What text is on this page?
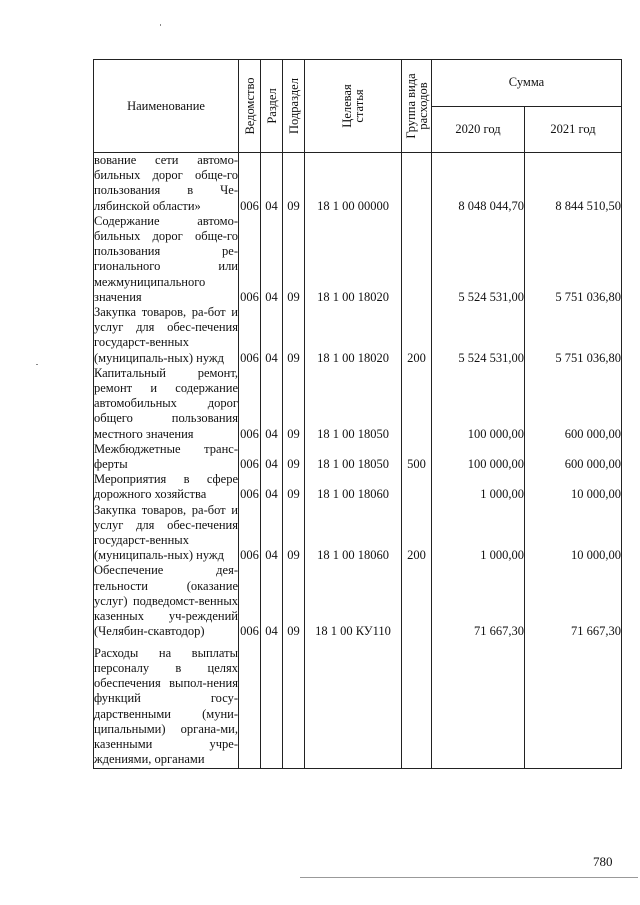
Наименование	Ведомство	Раздел	Подраздел	Целевая
статья	Группа вида
расходов	Сумма	
						2020 год	2021 год
вование сети автомо-бильных дорог обще-го пользования в Че-лябинской области»	006	04	09	18 1 00 00000		8 048 044,70	8 844 510,50
Содержание автомо-бильных дорог обще-го пользования ре-гионального или межмуниципального значения	006	04	09	18 1 00 18020		5 524 531,00	5 751 036,80
Закупка товаров, ра-бот и услуг для обес-печения государст-венных (муниципаль-ных) нужд	006	04	09	18 1 00 18020	200	5 524 531,00	5 751 036,80
Капитальный ремонт, ремонт и содержание автомобильных дорог общего пользования местного значения	006	04	09	18 1 00 18050		100 000,00	600 000,00
Межбюджетные транс-ферты	006	04	09	18 1 00 18050	500	100 000,00	600 000,00
Мероприятия в сфере дорожного хозяйства	006	04	09	18 1 00 18060		1 000,00	10 000,00
Закупка товаров, ра-бот и услуг для обес-печения государст-венных (муниципаль-ных) нужд	006	04	09	18 1 00 18060	200	1 000,00	10 000,00
Обеспечение дея-тельности (оказание услуг) подведомст-венных казенных уч-реждений (Челябин-скавтодор)	006	04	09	18 1 00 КУ110		71 667,30	71 667,30
Расходы на выплаты персоналу в целях обеспечения выпол-нения функций госу-дарственными (муни-ципальными) органа-ми, казенными учре-ждениями, органами							
780
